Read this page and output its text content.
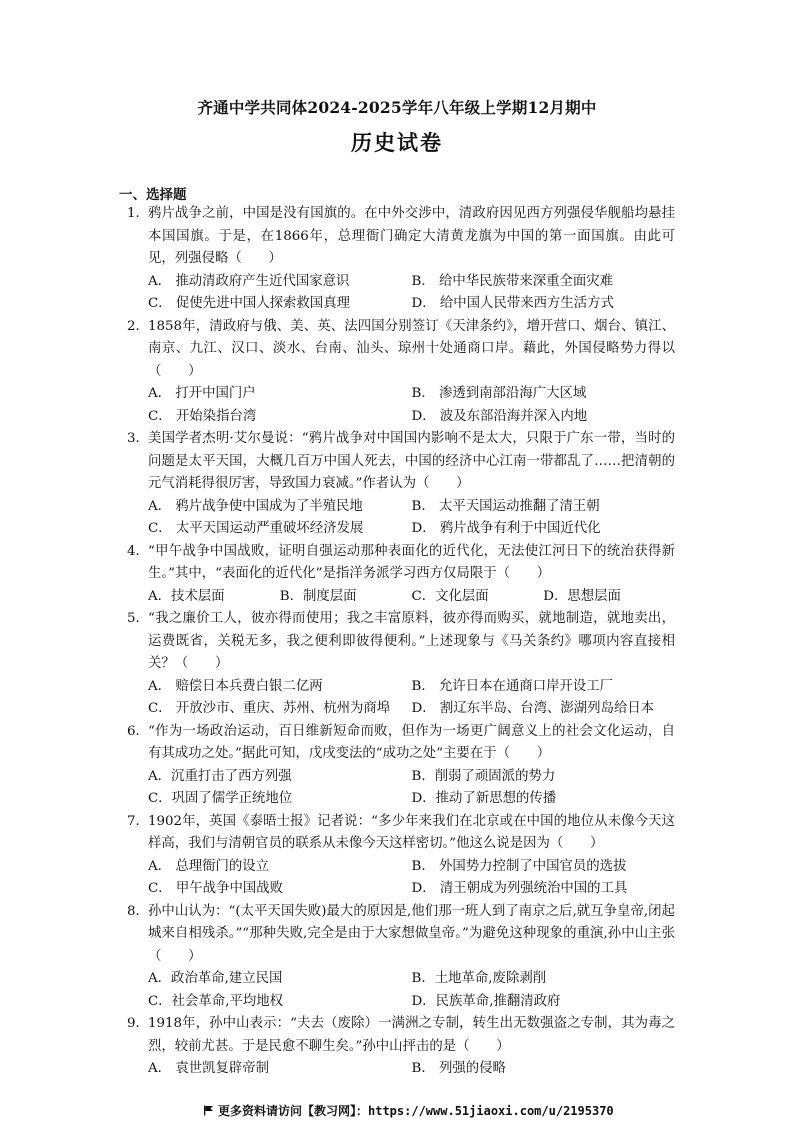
齐通中学共同体2024-2025学年八年级上学期12月期中
历史试卷
一、选择题
1． 鸦片战争之前，中国是没有国旗的。在中外交涉中，清政府因见西方列强侵华舰船均悬挂本国国旗。于是，在1866年，总理衙门确定大清黄龙旗为中国的第一面国旗。由此可见，列强侵略（　　）
A． 推动清政府产生近代国家意识	B． 给中华民族带来深重全面灾难
C． 促使先进中国人探索救国真理	D． 给中国人民带来西方生活方式
2． 1858年，清政府与俄、美、英、法四国分别签订《天津条约》，增开营口、烟台、镇江、南京、九江、汉口、淡水、台南、汕头、琼州十处通商口岸。藉此，外国侵略势力得以（　　）
A． 打开中国门户	B． 渗透到南部沿海广大区域
C． 开始染指台湾	D． 波及东部沿海并深入内地
3． 美国学者杰明·艾尔曼说：“鸦片战争对中国国内影响不是太大，只限于广东一带，当时的问题是太平天国，大概几百万中国人死去，中国的经济中心江南一带都乱了……把清朝的元气消耗得很厉害，导致国力衰减。”作者认为（　　）
A． 鸦片战争使中国成为了半殖民地	B． 太平天国运动推翻了清王朝
C． 太平天国运动严重破坏经济发展	D． 鸦片战争有利于中国近代化
4． “甲午战争中国战败，证明自强运动那种表面化的近代化，无法使江河日下的统治获得新生。”其中，“表面化的近代化”是指洋务派学习西方仅局限于（　　）
A．技术层面	B．制度层面	C．文化层面	D．思想层面
5． “我之廉价工人，彼亦得而使用；我之丰富原料，彼亦得而购买，就地制造，就地卖出，运费既省，关税无多，我之便利即彼得便利。”上述现象与《马关条约》哪项内容直接相关？（　　）
A． 赔偿日本兵费白银二亿两	B． 允许日本在通商口岸开设工厂
C． 开放沙市、重庆、苏州、杭州为商埠	D． 割辽东半岛、台湾、澎湖列岛给日本
6． “作为一场政治运动，百日维新短命而败，但作为一场更广阔意义上的社会文化运动，自有其成功之处。”据此可知，戊戌变法的“成功之处”主要在于（　　）
A．沉重打击了西方列强	B．削弱了顽固派的势力
C．巩固了儒学正统地位	D．推动了新思想的传播
7． 1902年，英国《泰晤士报》记者说：“多少年来我们在北京或在中国的地位从未像今天这样高，我们与清朝官员的联系从未像今天这样密切。”他这么说是因为（　　）
A． 总理衙门的设立	B． 外国势力控制了中国官员的选拔
C． 甲午战争中国战败	D． 清王朝成为列强统治中国的工具
8． 孙中山认为：“(太平天国失败)最大的原因是,他们那一班人到了南京之后,就互争皇帝,闭起城来自相残杀。”“那种失败,完全是由于大家想做皇帝。”为避免这种现象的重演,孙中山主张（　　）
A．政治革命,建立民国	B．土地革命,废除剥削
C．社会革命,平均地权	D．民族革命,推翻清政府
9． 1918年，孙中山表示：“夫去（废除）一满洲之专制，转生出无数强盗之专制，其为毒之烈，较前尤甚。于是民愈不聊生矣。”孙中山抨击的是（　　）
A． 袁世凯复辟帝制	B． 列强的侵略
更多资料请访问【教习网】：https://www.51jiaoxi.com/u/2195370
